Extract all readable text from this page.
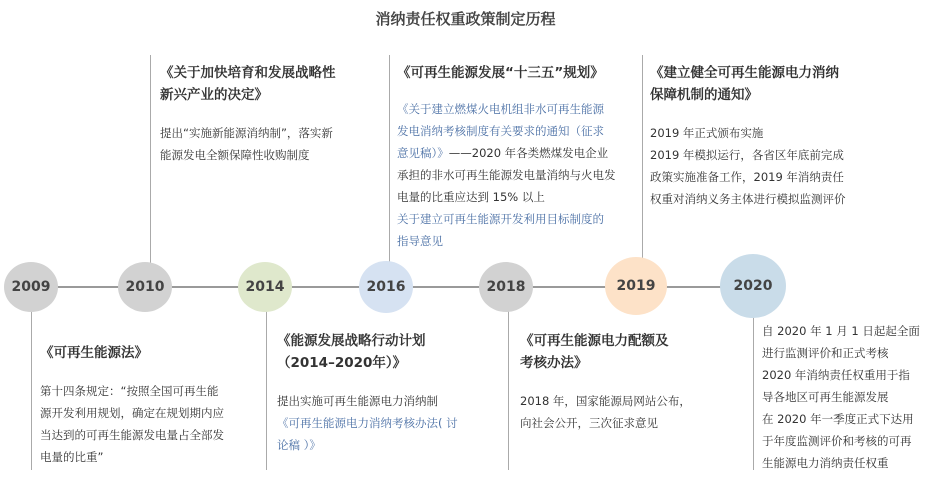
消纳责任权重政策制定历程
2009	2010	2014	2016	2018	2019	2020
《可再生能源法》
第十四条规定：“按照全国可再生能
源开发利用规划，确定在规划期内应
当达到的可再生能源发电量占全部发
电量的比重”
《关于加快培育和发展战略性
新兴产业的决定》
提出“实施新能源消纳制”，落实新
能源发电全额保障性收购制度
《能源发展战略行动计划
（2014–2020年）》
提出实施可再生能源电力消纳制
《可再生能源电力消纳考核办法( 讨
论稿 ）》
《可再生能源发展“十三五”规划》
《关于建立燃煤火电机组非水可再生能源
发电消纳考核制度有关要求的通知（征求
意见稿）》——2020 年各类燃煤发电企业
承担的非水可再生能源发电量消纳与火电发
电量的比重应达到 15% 以上
关于建立可再生能源开发利用目标制度的
指导意见
《可再生能源电力配额及
考核办法》
2018 年，国家能源局网站公布，
向社会公开，三次征求意见
《建立健全可再生能源电力消纳
保障机制的通知》
2019 年正式颁布实施
2019 年模拟运行，各省区年底前完成
政策实施准备工作，2019 年消纳责任
权重对消纳义务主体进行模拟监测评价
自 2020 年 1 月 1 日起起全面
进行监测评价和正式考核
2020 年消纳责任权重用于指
导各地区可再生能源发展
在 2020 年一季度正式下达用
于年度监测评价和考核的可再
生能源电力消纳责任权重
